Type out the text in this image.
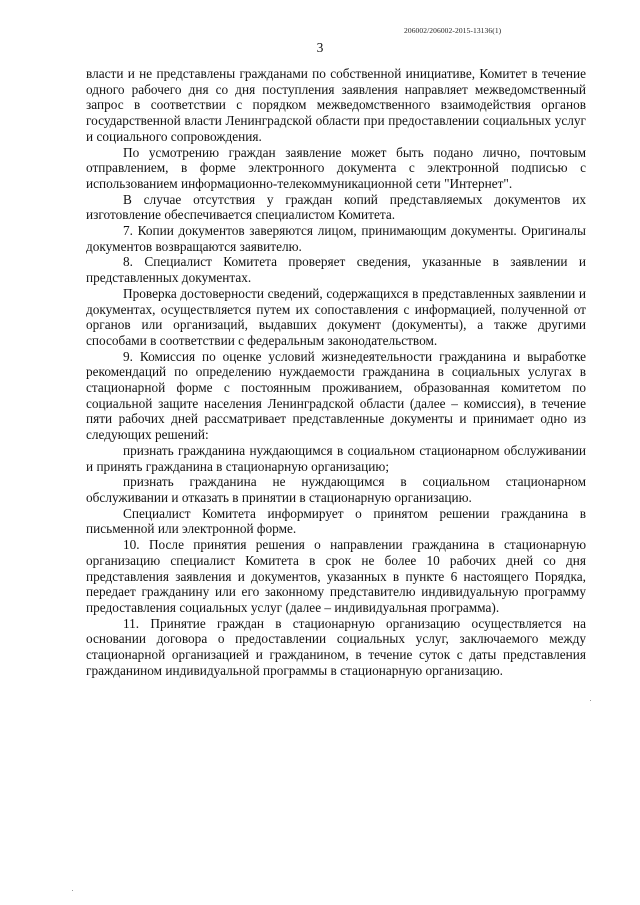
206002/206002-2015-13136(1)
3

власти и не представлены гражданами по собственной инициативе, Комитет в течение одного рабочего дня со дня поступления заявления направляет межведомственный запрос в соответствии с порядком межведомственного взаимодействия органов государственной власти Ленинградской области при предоставлении социальных услуг и социального сопровождения.

По усмотрению граждан заявление может быть подано лично, почтовым отправлением, в форме электронного документа с электронной подписью с использованием информационно-телекоммуникационной сети "Интернет".

В случае отсутствия у граждан копий представляемых документов их изготовление обеспечивается специалистом Комитета.

7. Копии документов заверяются лицом, принимающим документы. Оригиналы документов возвращаются заявителю.

8. Специалист Комитета проверяет сведения, указанные в заявлении и представленных документах.

Проверка достоверности сведений, содержащихся в представленных заявлении и документах, осуществляется путем их сопоставления с информацией, полученной от органов или организаций, выдавших документ (документы), а также другими способами в соответствии с федеральным законодательством.

9. Комиссия по оценке условий жизнедеятельности гражданина и выработке рекомендаций по определению нуждаемости гражданина в социальных услугах в стационарной форме с постоянным проживанием, образованная комитетом по социальной защите населения Ленинградской области (далее – комиссия), в течение пяти рабочих дней рассматривает представленные документы и принимает одно из следующих решений:

признать гражданина нуждающимся в социальном стационарном обслуживании и принять гражданина в стационарную организацию;

признать гражданина не нуждающимся в социальном стационарном обслуживании и отказать в принятии в стационарную организацию.

Специалист Комитета информирует о принятом решении гражданина в письменной или электронной форме.

10. После принятия решения о направлении гражданина в стационарную организацию специалист Комитета в срок не более 10 рабочих дней со дня представления заявления и документов, указанных в пункте 6 настоящего Порядка, передает гражданину или его законному представителю индивидуальную программу предоставления социальных услуг (далее – индивидуальная программа).

11. Принятие граждан в стационарную организацию осуществляется на основании договора о предоставлении социальных услуг, заключаемого между стационарной организацией и гражданином, в течение суток с даты представления гражданином индивидуальной программы в стационарную организацию.
